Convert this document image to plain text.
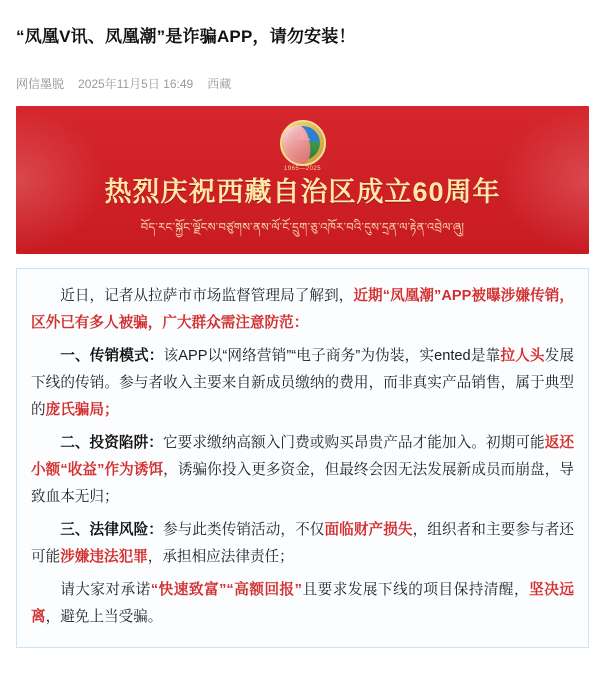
“凤凰V讯、凤凰潮”是诈骗APP，请勿安装！
网信墨脱 2025年11月5日 16:49 西藏
1965—2025
热烈庆祝西藏自治区成立60周年
བོད་རང་སྐྱོང་ལྗོངས་བཙུགས་ནས་ལོ་ངོ་དྲུག་ཅུ་འཁོར་བའི་དུས་དྲན་ལ་རྟེན་འབྲེལ་ཞུ།

近日，记者从拉萨市市场监督管理局了解到，近期“凤凰潮”APP被曝涉嫌传销，区外已有多人被骗，广大群众需注意防范：

一、传销模式：该APP以“网络营销”“电子商务”为伪装，实ented是靠拉人头发展下线的传销。参与者收入主要来自新成员缴纳的费用，而非真实产品销售，属于典型的庞氏骗局；

二、投资陷阱：它要求缴纳高额入门费或购买昂贵产品才能加入。初期可能返还小额“收益”作为诱饵，诱骗你投入更多资金，但最终会因无法发展新成员而崩盘，导致血本无归；

三、法律风险：参与此类传销活动，不仅面临财产损失，组织者和主要参与者还可能涉嫌违法犯罪，承担相应法律责任；

请大家对承诺“快速致富”“高额回报”且要求发展下线的项目保持清醒，坚决远离，避免上当受骗。
